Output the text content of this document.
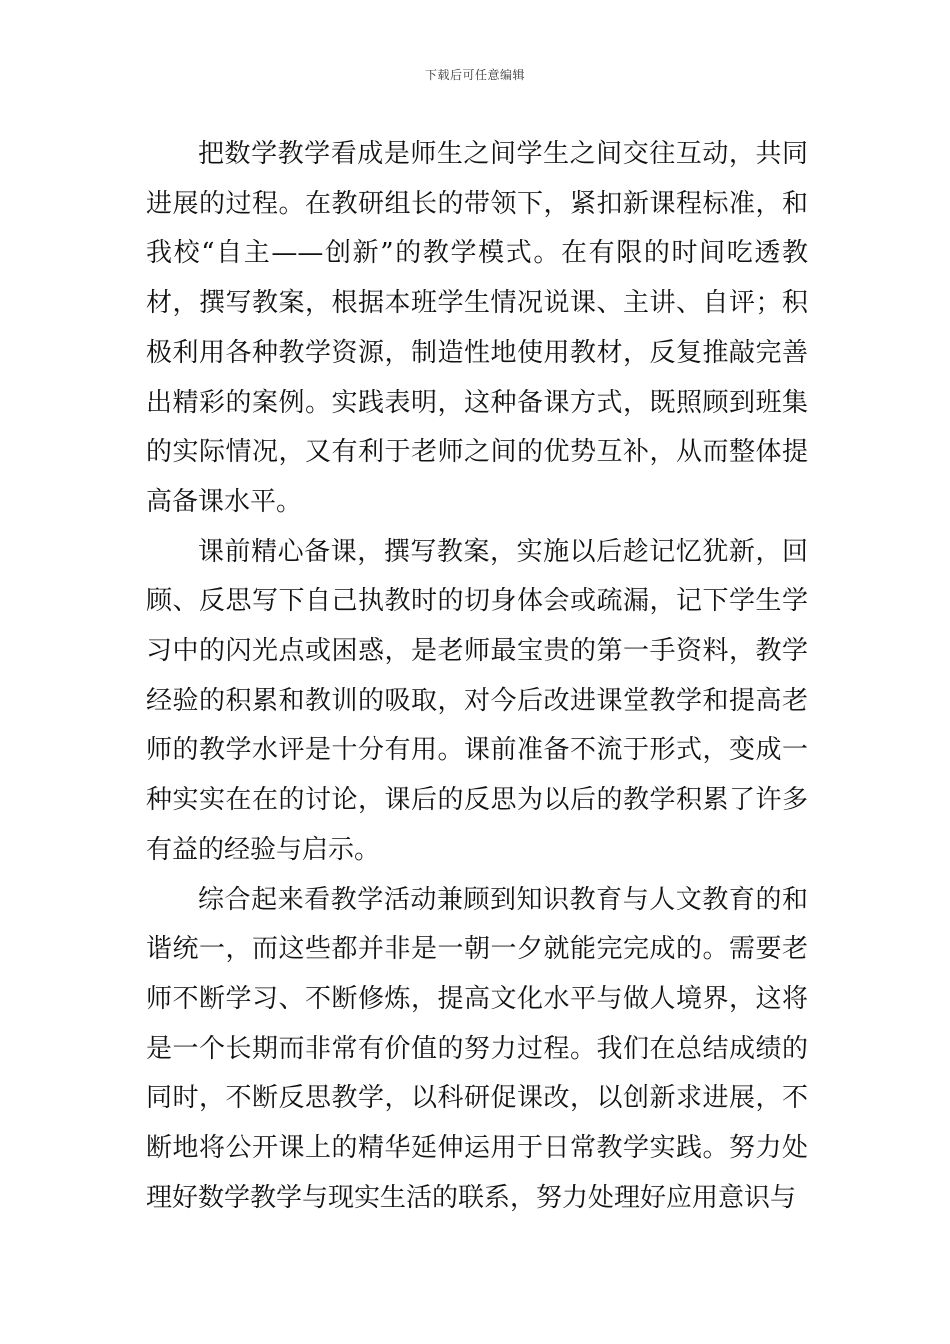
下载后可任意编辑

把数学教学看成是师生之间学生之间交往互动，共同进展的过程。在教研组长的带领下，紧扣新课程标准，和我校“自主——创新”的教学模式。在有限的时间吃透教材，撰写教案，根据本班学生情况说课、主讲、自评；积极利用各种教学资源，制造性地使用教材，反复推敲完善出精彩的案例。实践表明，这种备课方式，既照顾到班集的实际情况，又有利于老师之间的优势互补，从而整体提高备课水平。

课前精心备课，撰写教案，实施以后趁记忆犹新，回顾、反思写下自己执教时的切身体会或疏漏，记下学生学习中的闪光点或困惑，是老师最宝贵的第一手资料，教学经验的积累和教训的吸取，对今后改进课堂教学和提高老师的教学水评是十分有用。课前准备不流于形式，变成一种实实在在的讨论，课后的反思为以后的教学积累了许多有益的经验与启示。

综合起来看教学活动兼顾到知识教育与人文教育的和谐统一，而这些都并非是一朝一夕就能完完成的。需要老师不断学习、不断修炼，提高文化水平与做人境界，这将是一个长期而非常有价值的努力过程。我们在总结成绩的同时，不断反思教学，以科研促课改，以创新求进展，不断地将公开课上的精华延伸运用于日常教学实践。努力处理好数学教学与现实生活的联系，努力处理好应用意识与
